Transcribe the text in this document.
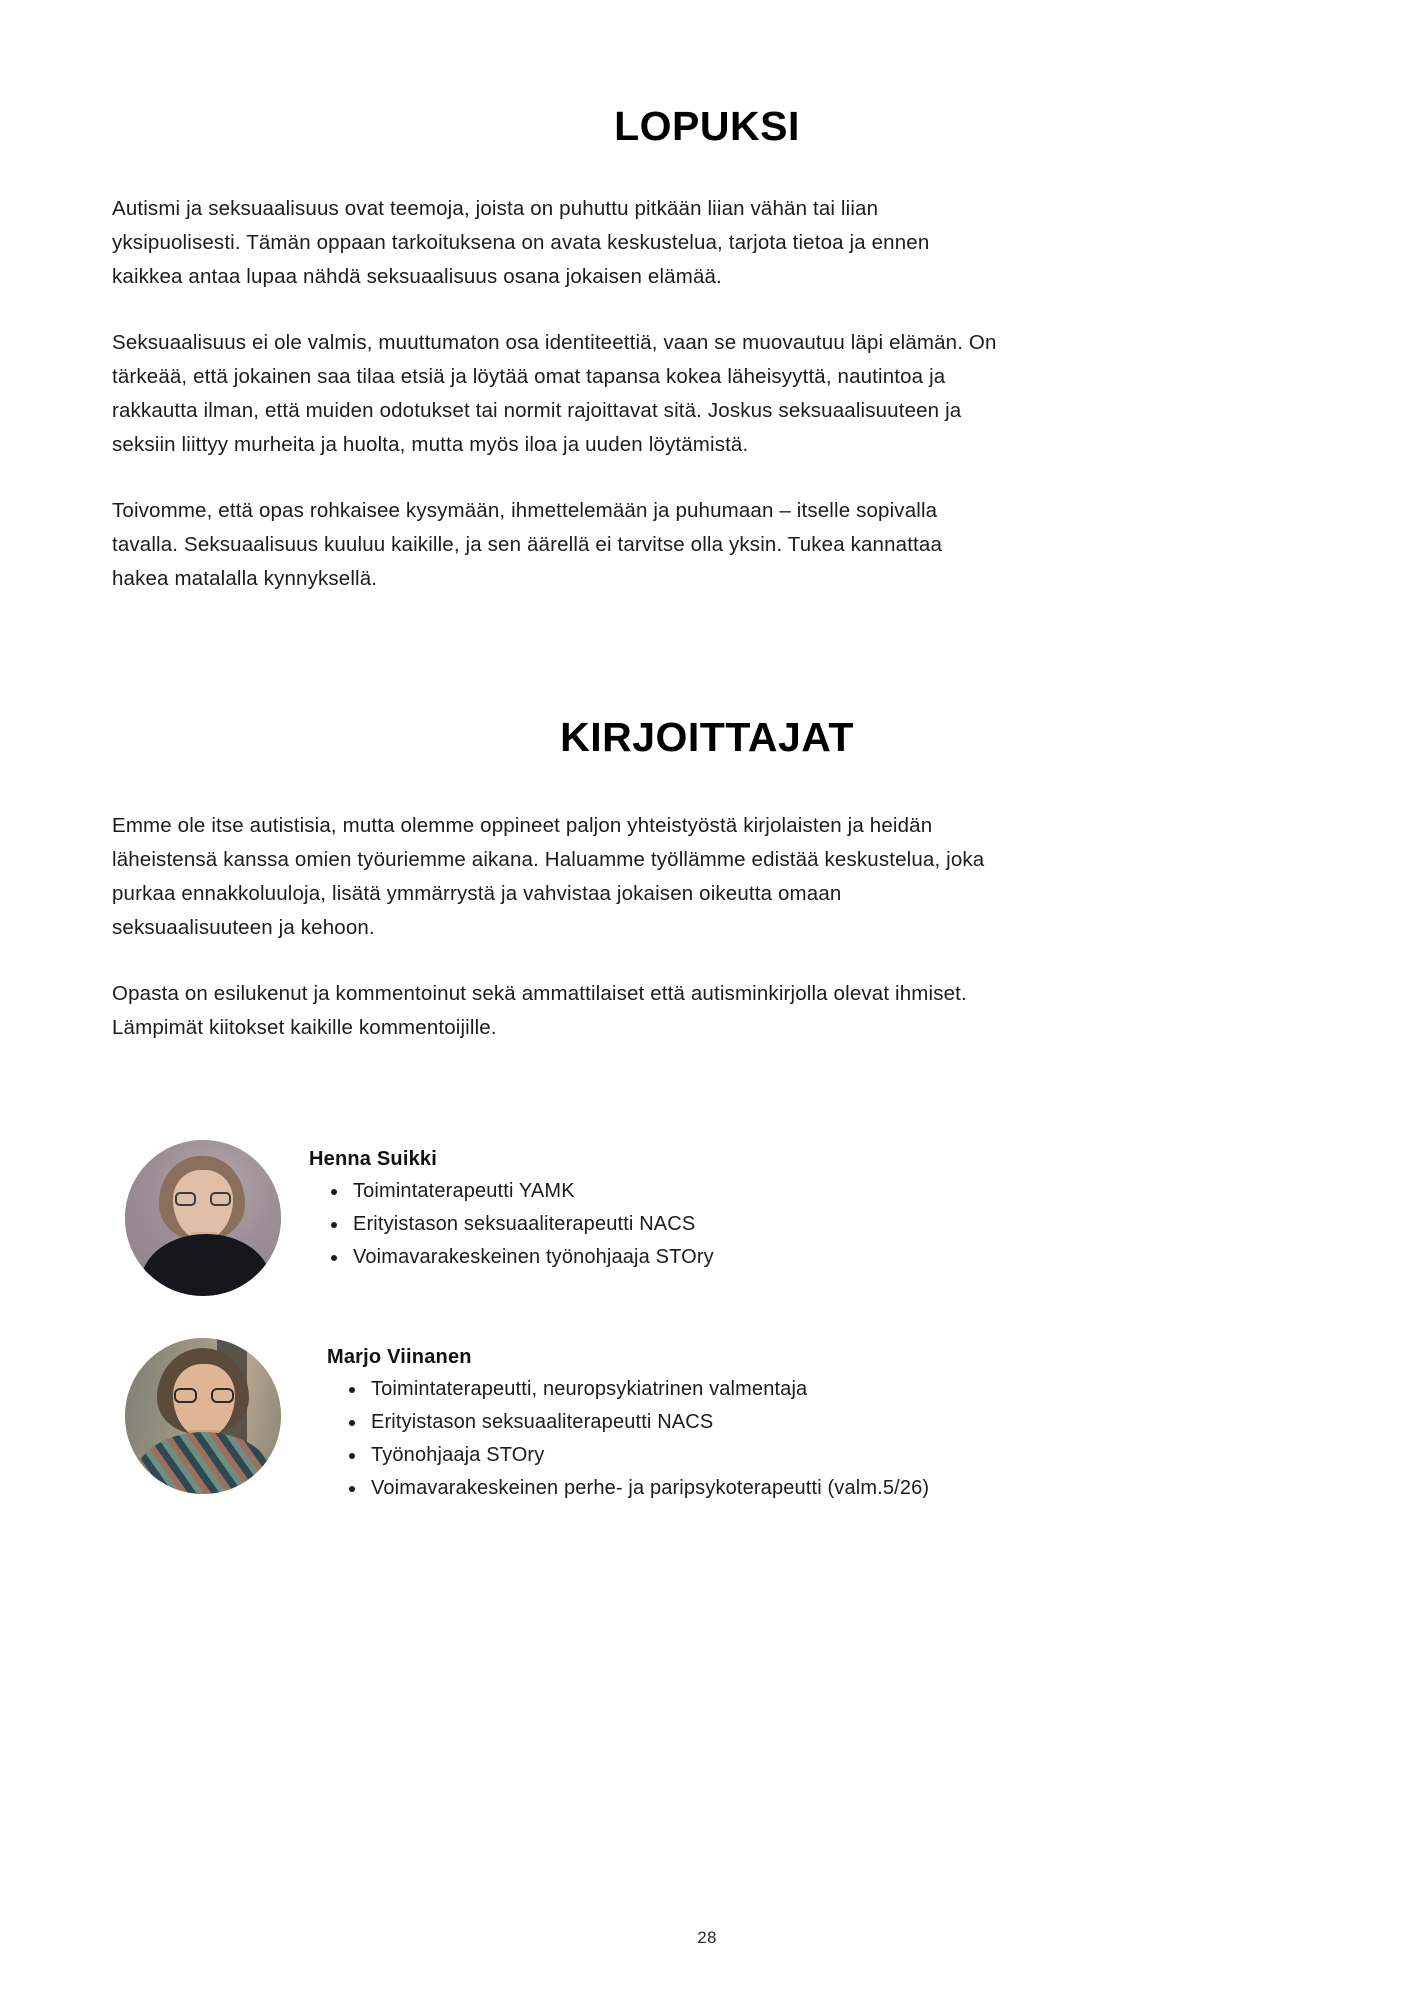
LOPUKSI

Autismi ja seksuaalisuus ovat teemoja, joista on puhuttu pitkään liian vähän tai liian yksipuolisesti. Tämän oppaan tarkoituksena on avata keskustelua, tarjota tietoa ja ennen kaikkea antaa lupaa nähdä seksuaalisuus osana jokaisen elämää.

Seksuaalisuus ei ole valmis, muuttumaton osa identiteettiä, vaan se muovautuu läpi elämän. On tärkeää, että jokainen saa tilaa etsiä ja löytää omat tapansa kokea läheisyyttä, nautintoa ja rakkautta ilman, että muiden odotukset tai normit rajoittavat sitä. Joskus seksuaalisuuteen ja seksiin liittyy murheita ja huolta, mutta myös iloa ja uuden löytämistä.

Toivomme, että opas rohkaisee kysymään, ihmettelemään ja puhumaan – itselle sopivalla tavalla. Seksuaalisuus kuuluu kaikille, ja sen äärellä ei tarvitse olla yksin. Tukea kannattaa hakea matalalla kynnyksellä.

KIRJOITTAJAT

Emme ole itse autistisia, mutta olemme oppineet paljon yhteistyöstä kirjolaisten ja heidän läheistensä kanssa omien työuriemme aikana. Haluamme työllämme edistää keskustelua, joka purkaa ennakkoluuloja, lisätä ymmärrystä ja vahvistaa jokaisen oikeutta omaan seksuaalisuuteen ja kehoon.

Opasta on esilukenut ja kommentoinut sekä ammattilaiset että autisminkirjolla olevat ihmiset. Lämpimät kiitokset kaikille kommentoijille.

Henna Suikki
Toimintaterapeutti YAMK
Erityistason seksuaaliterapeutti NACS
Voimavarakeskeinen työnohjaaja STOry
Marjo Viinanen
Toimintaterapeutti, neuropsykiatrinen valmentaja
Erityistason seksuaaliterapeutti NACS
Työnohjaaja STOry
Voimavarakeskeinen perhe- ja paripsykoterapeutti (valm.5/26)
28
